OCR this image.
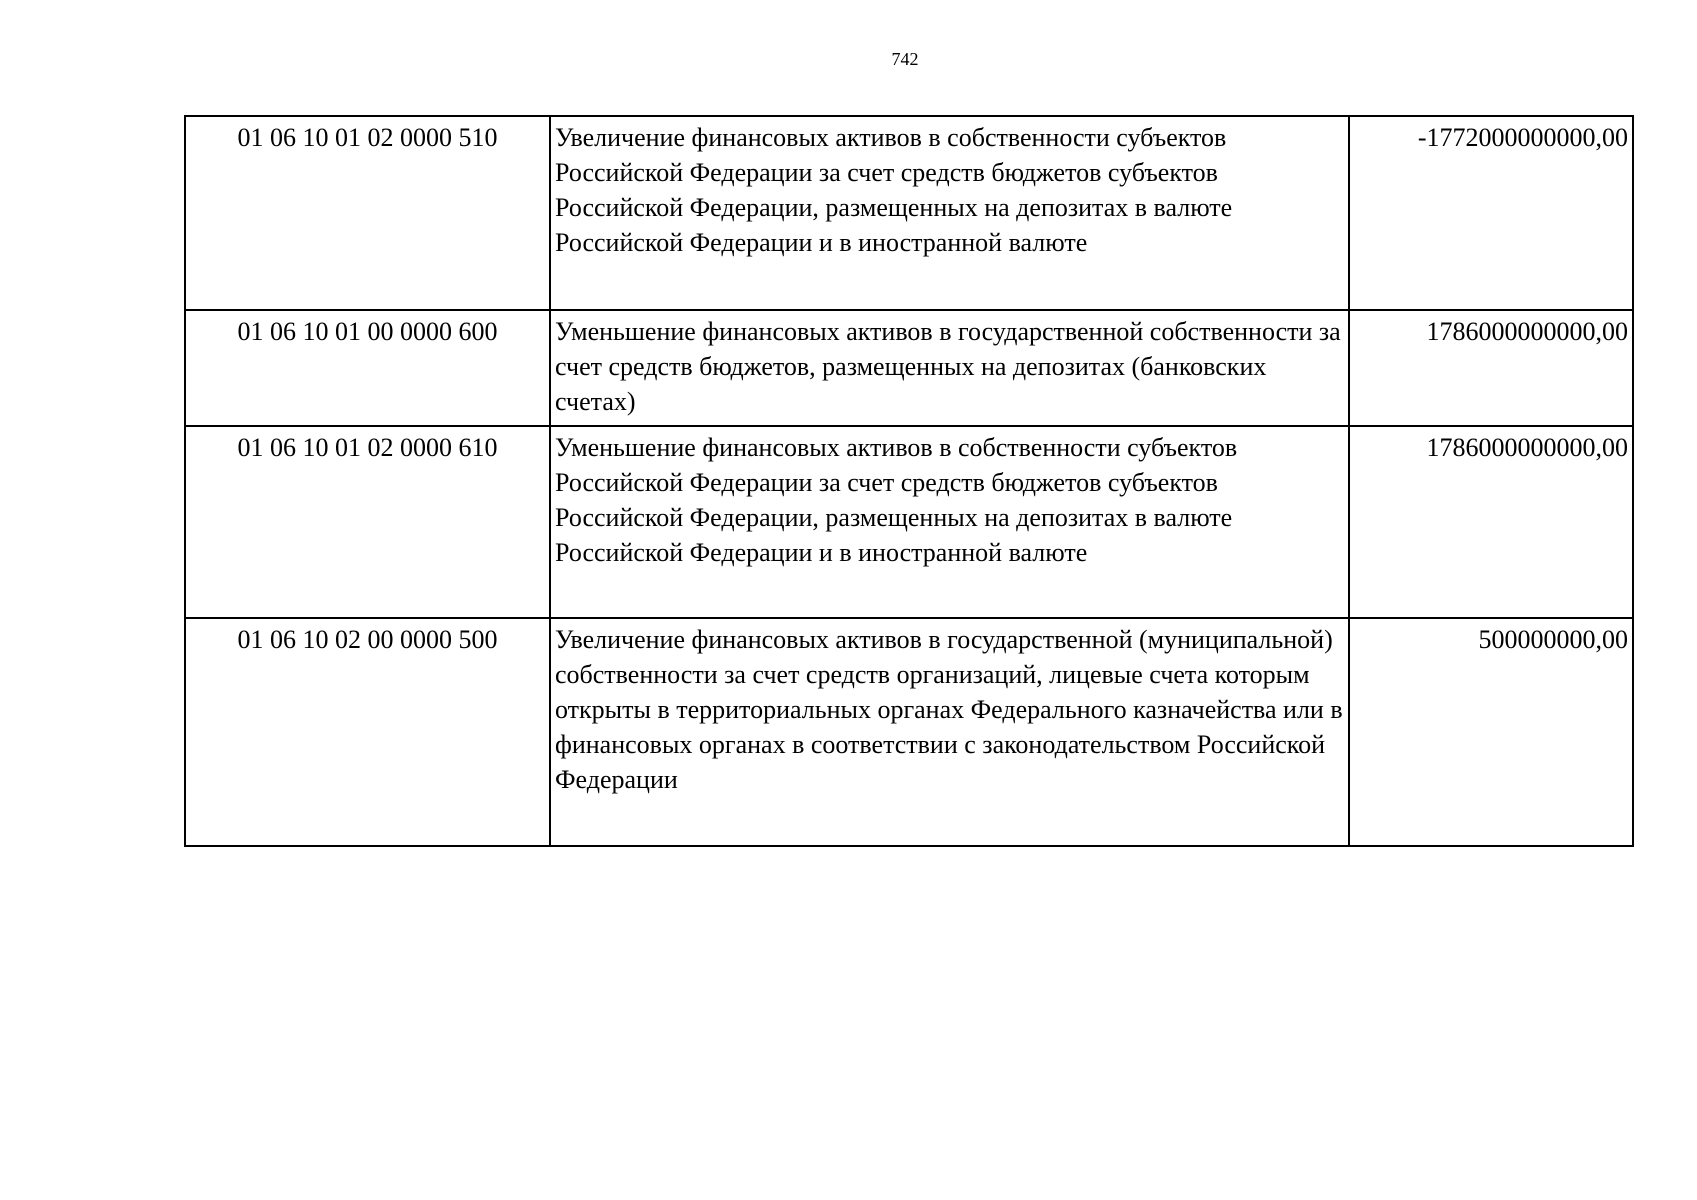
742
01 06 10 01 02 0000 510	Увеличение финансовых активов в собственности субъектов Российской Федерации за счет средств бюджетов субъектов Российской Федерации, размещенных на депозитах в валюте Российской Федерации и в иностранной валюте	-1772000000000,00
01 06 10 01 00 0000 600	Уменьшение финансовых активов в государственной собственности за счет средств бюджетов, размещенных на депозитах (банковских счетах)	1786000000000,00
01 06 10 01 02 0000 610	Уменьшение финансовых активов в собственности субъектов Российской Федерации за счет средств бюджетов субъектов Российской Федерации, размещенных на депозитах в валюте Российской Федерации и в иностранной валюте	1786000000000,00
01 06 10 02 00 0000 500	Увеличение финансовых активов в государственной (муниципальной) собственности за счет средств организаций, лицевые счета которым открыты в территориальных органах Федерального казначейства или в финансовых органах в соответствии с законодательством Российской Федерации	500000000,00
